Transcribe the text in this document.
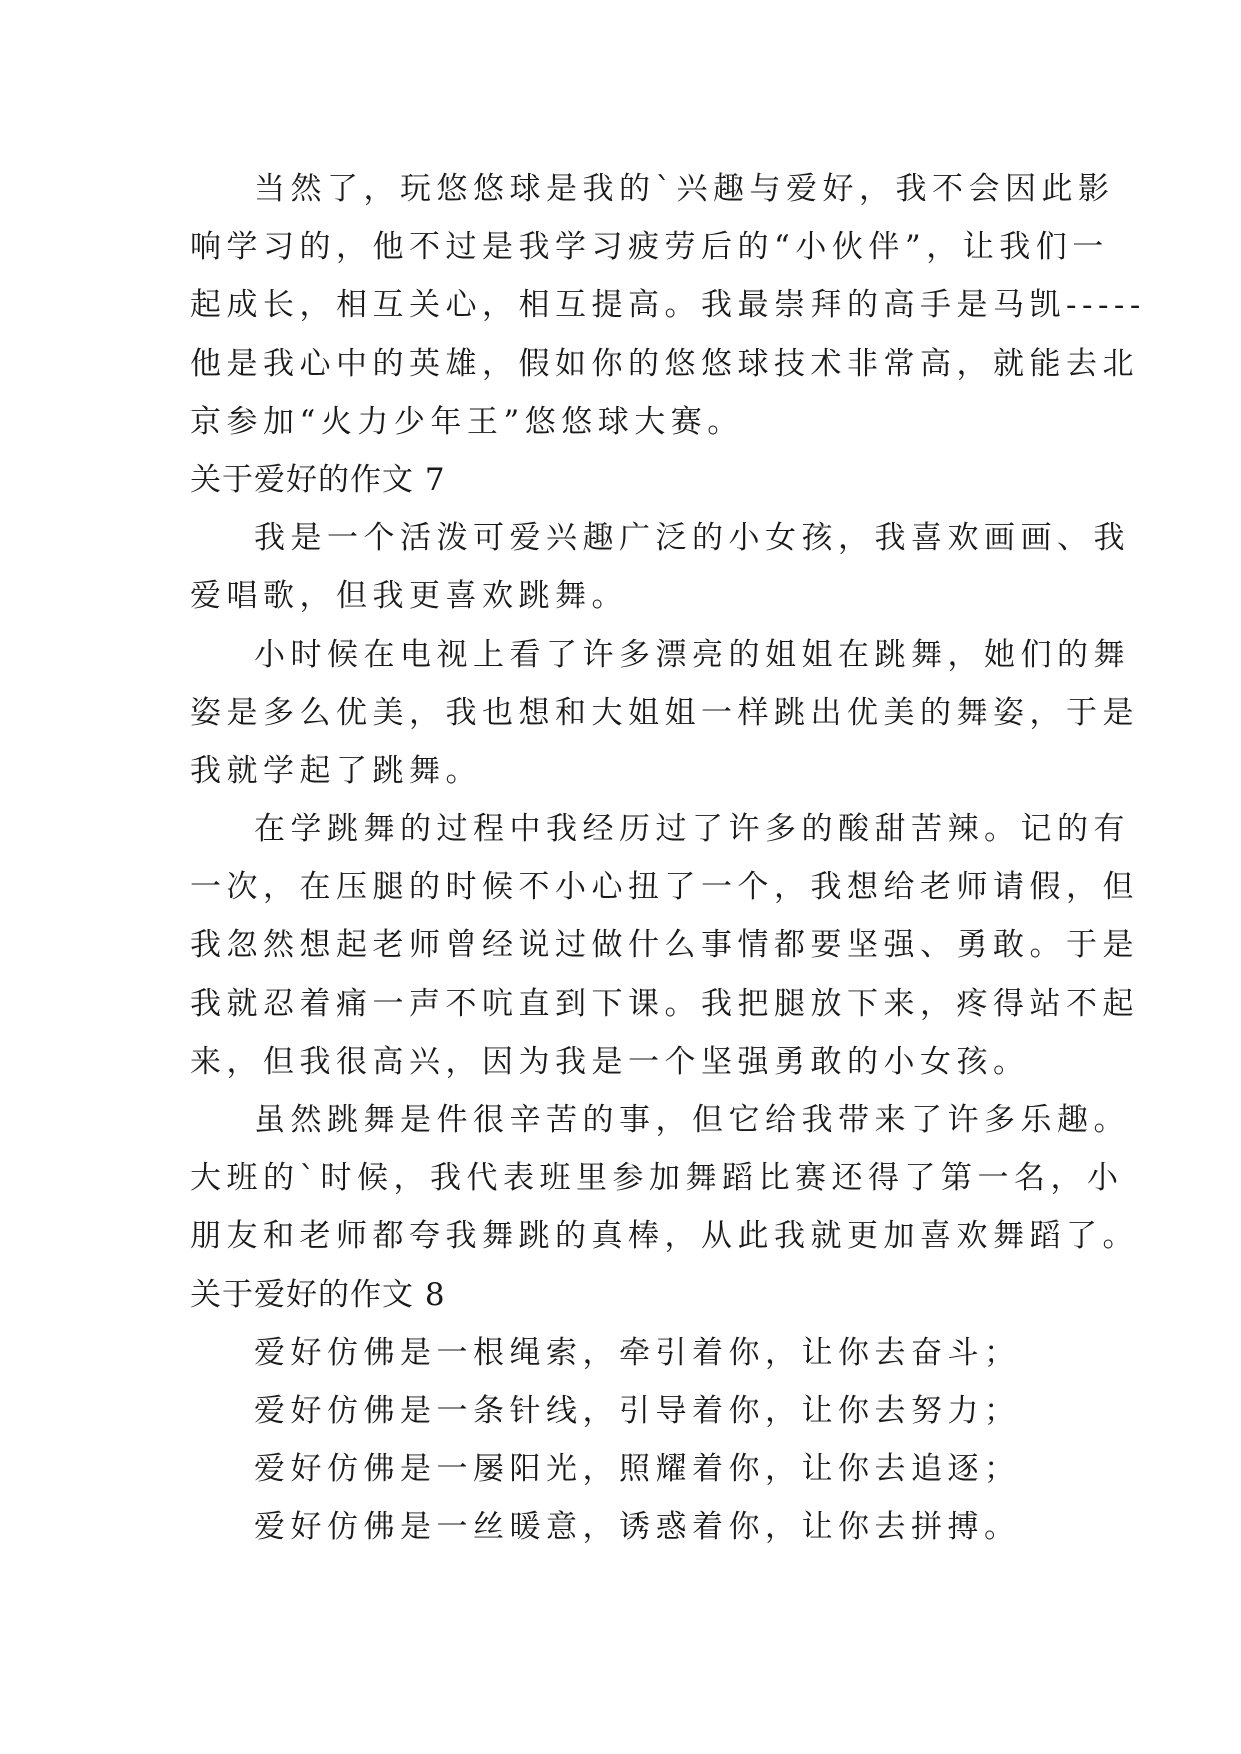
当然了，玩悠悠球是我的`兴趣与爱好，我不会因此影
响学习的，他不过是我学习疲劳后的“小伙伴”，让我们一
起成长，相互关心，相互提高。我最崇拜的高手是马凯-----
他是我心中的英雄，假如你的悠悠球技术非常高，就能去北
京参加“火力少年王”悠悠球大赛。
关于爱好的作文 7
我是一个活泼可爱兴趣广泛的小女孩，我喜欢画画、我
爱唱歌，但我更喜欢跳舞。
小时候在电视上看了许多漂亮的姐姐在跳舞，她们的舞
姿是多么优美，我也想和大姐姐一样跳出优美的舞姿，于是
我就学起了跳舞。
在学跳舞的过程中我经历过了许多的酸甜苦辣。记的有
一次，在压腿的时候不小心扭了一个，我想给老师请假，但
我忽然想起老师曾经说过做什么事情都要坚强、勇敢。于是
我就忍着痛一声不吭直到下课。我把腿放下来，疼得站不起
来，但我很高兴，因为我是一个坚强勇敢的小女孩。
虽然跳舞是件很辛苦的事，但它给我带来了许多乐趣。
大班的`时候，我代表班里参加舞蹈比赛还得了第一名，小
朋友和老师都夸我舞跳的真棒，从此我就更加喜欢舞蹈了。
关于爱好的作文 8
爱好仿佛是一根绳索，牵引着你，让你去奋斗；
爱好仿佛是一条针线，引导着你，让你去努力；
爱好仿佛是一屡阳光，照耀着你，让你去追逐；
爱好仿佛是一丝暖意，诱惑着你，让你去拼搏。
